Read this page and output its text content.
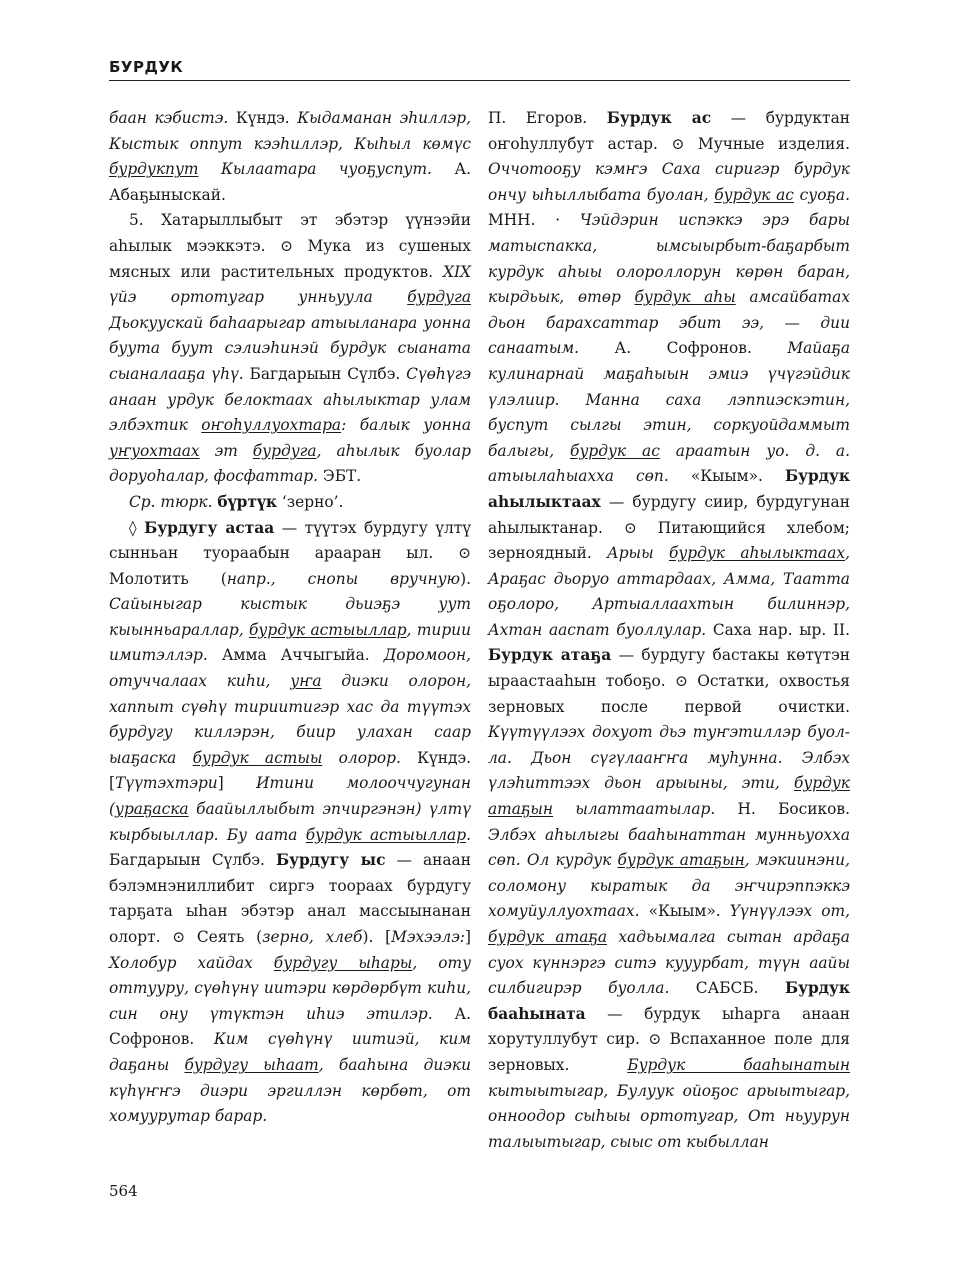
БУРДУК

баан кэбистэ. Күндэ. Кыдаманан эһиллэр, Кыстык оппут кээһиллэр, Кыһыл көмүс бурдукпут Кылаатара чуоҕуспут. А. Абаҕыныскай.

5. Хатарыллыбыт эт эбэтэр үүнээйи аһылык мээккэтэ. ⊙ Мука из сушеных мясных или растительных продуктов. XIX үйэ ортотугар унньуула бурдуга Дьокуускай баһаарыгар атыыланара уонна буута буут сэлиэһинэй бурдук сыаната сыаналааҕа үһү. Багдарыын Сүлбэ. Сүөһүгэ анаан урдук белоктаах аһылыктар улам элбэхтик оҥоһуллуохтара: балык уонна уҥуохтаах эт бурдуга, аһылык буолар доруоһалар, фосфаттар. ЭБТ.

Ср. тюрк. бүртүк ‘зерно’.

◊ Бурдугу астаа — түүтэх бурдугу үлтү сынньан туораабын арааран ыл. ⊙ Молотить (напр., снопы вручную). Сайыныгар кыстык дьиэҕэ уут кыынньараллар, бурдук астыыллар, тирии имитэллэр. Амма Аччыгыйа. Доромоон, отуччалаах киһи, уҥа диэки олорон, хаппыт сүөһү тириитигэр хас да түүтэх бурдугу киллэрэн, биир улахан саар ыаҕаска бурдук астыы олорор. Күндэ. [Түүтэхтэри] Итини молооччугунан (ураҕаска баайыллыбыт эпчиргэнэн) үлтү кырбыыллар. Бу аата бурдук астыыллар. Багдарыын Сүлбэ. Бурдугу ыс — анаан бэлэмнэниллибит сиргэ тоораах бурдугу тарҕата ыһан эбэтэр анал массыынанан олорт. ⊙ Сеять (зерно, хлеб). [Мэхээлэ:] Холобур хайдах бурдугу ыһары, оту оттууру, сүөһүнү иитэри көрдөрбүт киһи, син ону үтүктэн иһиэ этилэр. А. Софронов. Ким сүөһүнү иитиэй, ким даҕаны бурдугу ыһаат, бааһына диэки күһүҥҥэ диэри эргиллэн көрбөт, от хомуурутар барар.

П. Егоров. Бурдук ас — бурдуктан оҥоһуллубут астар. ⊙ Мучные изделия. Оччотооҕу кэмҥэ Саха сиригэр бурдук ончу ыһыллыбата буолан, бурдук ас суоҕа. МНН. · Чэйдэрин испэккэ эрэ бары матыспакка, ымсыырбыт-баҕарбыт курдук аһыы олороллорун көрөн баран, кырдьык, өтөр бурдук аһы амсайбатах дьон барахсаттар эбит ээ, — дии санаатым. А. Софронов. Майаҕа кулинарнай маҕаһыын эмиэ үчүгэйдик үлэлиир. Манна саха лэппиэскэтин, буспут сылгы этин, соркуойдаммыт балыгы, бурдук ас араатын уо. д. а. атыылаһыахха сөп. «Кыым». Бурдук аһылыктаах — бурдугу сиир, бурдугунан аһылыктанар. ⊙ Питающийся хлебом; зерноядный. Арыы бурдук аһылыктаах, Араҕас дьоруо аттардаах, Амма, Таатта оҕолоро, Артыаллаахтын билиннэр, Ахтан ааспат буоллулар. Саха нар. ыр. II. Бурдук атаҕа — бурдугу бастакы көтүтэн ыраастааһын тобоҕо. ⊙ Остатки, охвостья зерновых после первой очистки. Күүтүүлээх дохуот дьэ туҥэтиллэр буол-ла. Дьон сүгүлааҥҥа муһунна. Элбэх үлэһиттээх дьон арыыны, эти, бурдук атаҕын ылаттаатылар. Н. Босиков. Элбэх аһылыгы бааһынаттан мунньуохха сөп. Ол курдук бурдук атаҕын, мэкиинэни, соломону кыратык да эҥчирэппэккэ хомуйуллуохтаах. «Кыым». Үүнүүлээх от, бурдук атаҕа хадьымалга сытан ардаҕа суох күннэргэ ситэ кууурбат, түүн аайы силбигирэр буолла. САБСБ. Бурдук бааһыната — бурдук ыһарга анаан хорутуллубут сир. ⊙ Вспаханное поле для зерновых. Бурдук бааһынатын кытыытыгар, Булуук ойоҕос арыытыгар, онноодор сыһыы ортотугар, От ньуурун талыытыгар, сыыс от кыбыллан

564
